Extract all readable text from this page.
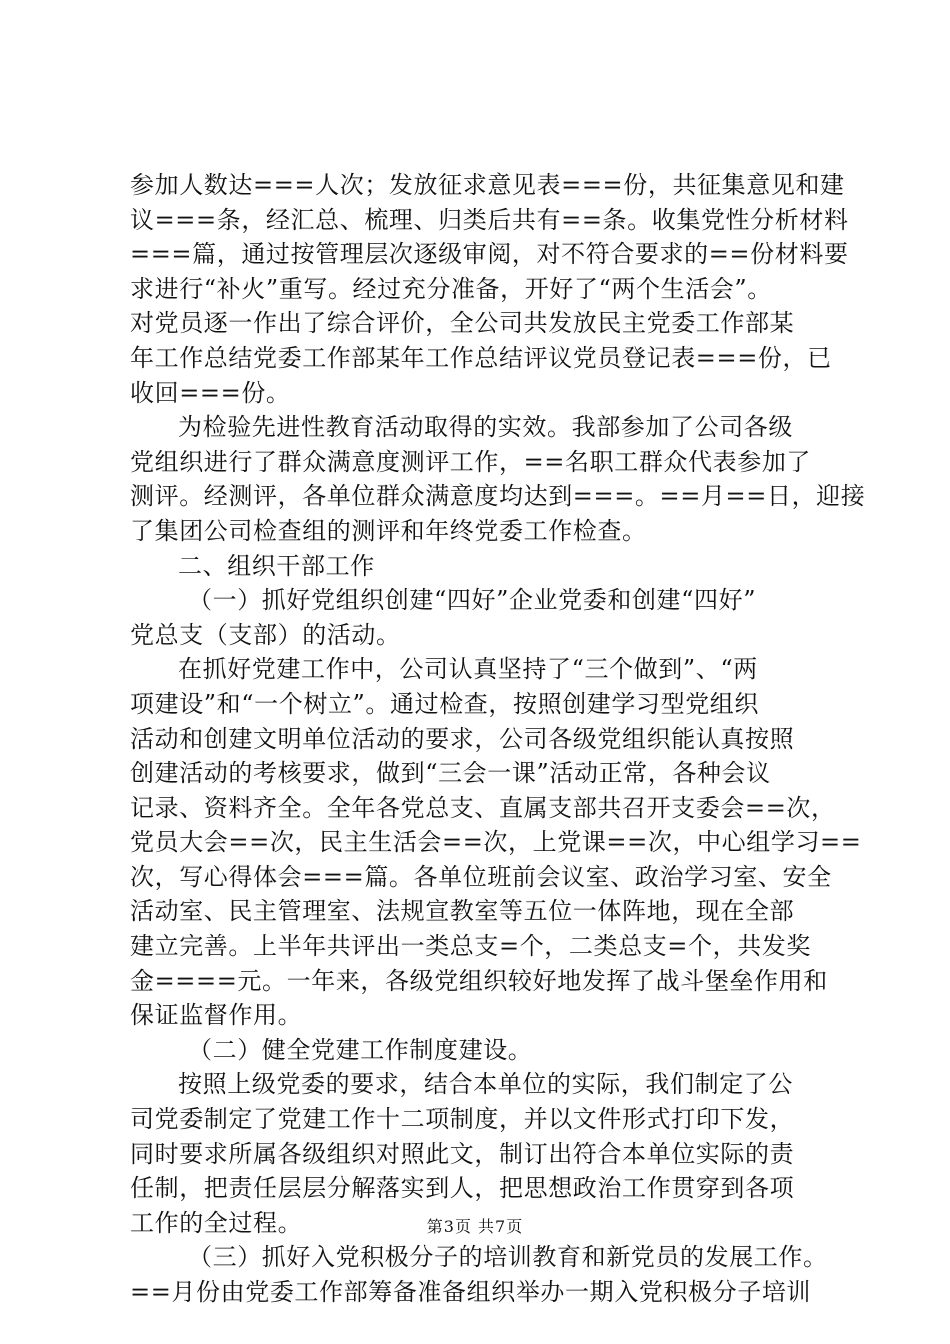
参加人数达===人次；发放征求意见表===份，共征集意见和建
议===条，经汇总、梳理、归类后共有==条。收集党性分析材料
===篇，通过按管理层次逐级审阅，对不符合要求的==份材料要
求进行“补火”重写。经过充分准备，开好了“两个生活会”。
对党员逐一作出了综合评价，全公司共发放民主党委工作部某
年工作总结党委工作部某年工作总结评议党员登记表===份，已
收回===份。
为检验先进性教育活动取得的实效。我部参加了公司各级
党组织进行了群众满意度测评工作，==名职工群众代表参加了
测评。经测评，各单位群众满意度均达到===。==月==日，迎接
了集团公司检查组的测评和年终党委工作检查。
二、组织干部工作
（一）抓好党组织创建“四好”企业党委和创建“四好”
党总支（支部）的活动。
在抓好党建工作中，公司认真坚持了“三个做到”、“两
项建设”和“一个树立”。通过检查，按照创建学习型党组织
活动和创建文明单位活动的要求，公司各级党组织能认真按照
创建活动的考核要求，做到“三会一课”活动正常，各种会议
记录、资料齐全。全年各党总支、直属支部共召开支委会==次，
党员大会==次，民主生活会==次，上党课==次，中心组学习==
次，写心得体会===篇。各单位班前会议室、政治学习室、安全
活动室、民主管理室、法规宣教室等五位一体阵地，现在全部
建立完善。上半年共评出一类总支=个，二类总支=个，共发奖
金====元。一年来，各级党组织较好地发挥了战斗堡垒作用和
保证监督作用。
（二）健全党建工作制度建设。
按照上级党委的要求，结合本单位的实际，我们制定了公
司党委制定了党建工作十二项制度，并以文件形式打印下发，
同时要求所属各级组织对照此文，制订出符合本单位实际的责
任制，把责任层层分解落实到人，把思想政治工作贯穿到各项
工作的全过程。
（三）抓好入党积极分子的培训教育和新党员的发展工作。
==月份由党委工作部筹备准备组织举办一期入党积极分子培训
第3页 共7页
